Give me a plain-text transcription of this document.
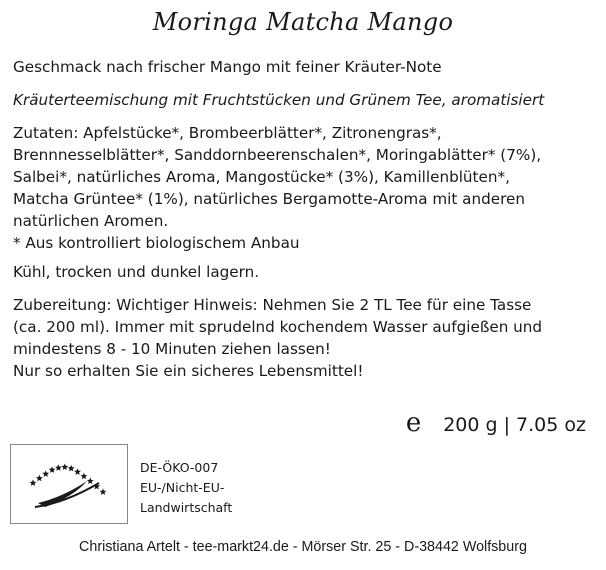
Moringa Matcha Mango
Geschmack nach frischer Mango mit feiner Kräuter-Note
Kräuterteemischung mit Fruchtstücken und Grünem Tee, aromatisiert
Zutaten: Apfelstücke*, Brombeerblätter*, Zitronengras*,
Brennnesselblätter*, Sanddornbeerenschalen*, Moringablätter* (7%),
Salbei*, natürliches Aroma, Mangostücke* (3%), Kamillenblüten*,
Matcha Grüntee* (1%), natürliches Bergamotte-Aroma mit anderen
natürlichen Aromen.
* Aus kontrolliert biologischem Anbau
Kühl, trocken und dunkel lagern.
Zubereitung: Wichtiger Hinweis: Nehmen Sie 2 TL Tee für eine Tasse
(ca. 200 ml). Immer mit sprudelnd kochendem Wasser aufgießen und
mindestens 8 - 10 Minuten ziehen lassen!
Nur so erhalten Sie ein sicheres Lebensmittel!
e 200 g | 7.05 oz
DE-ÖKO-007
EU-/Nicht-EU-
Landwirtschaft
Christiana Artelt - tee-markt24.de - Mörser Str. 25 - D-38442 Wolfsburg
